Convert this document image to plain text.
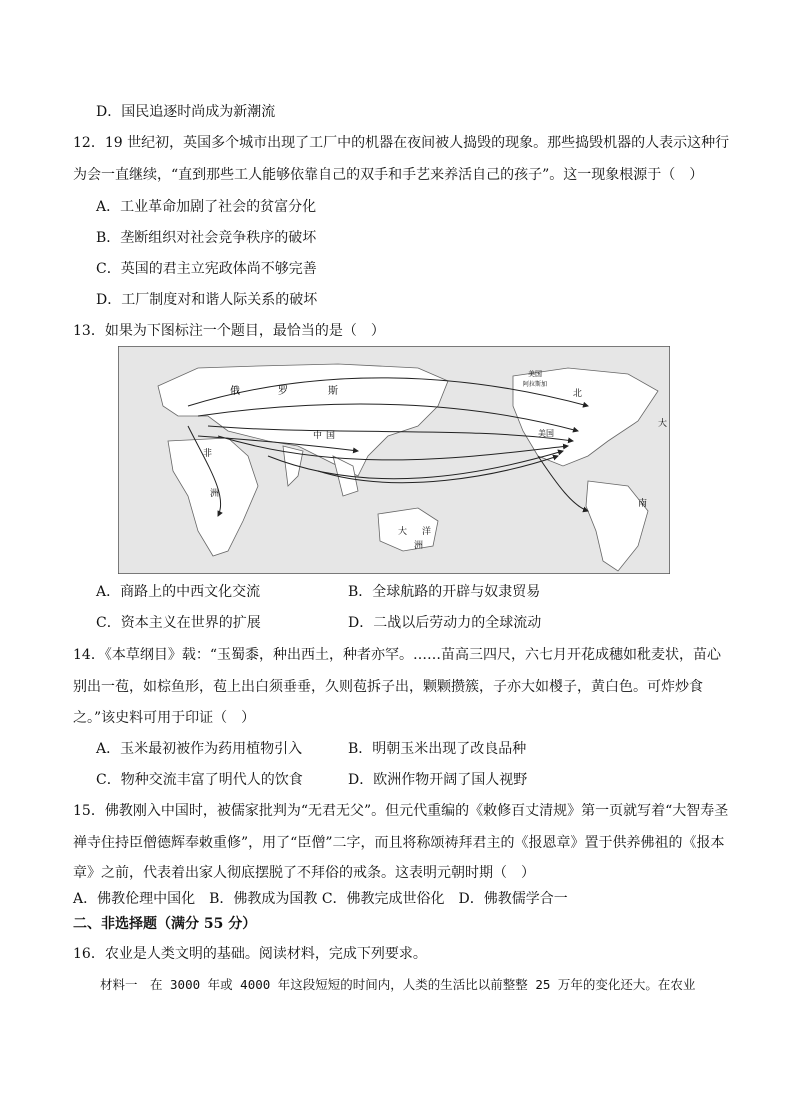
D．国民追逐时尚成为新潮流
12．19 世纪初，英国多个城市出现了工厂中的机器在夜间被人捣毁的现象。那些捣毁机器的人表示这种行
为会一直继续，“直到那些工人能够依靠自己的双手和手艺来养活自己的孩子”。这一现象根源于（　）
A．工业革命加剧了社会的贫富分化
B．垄断组织对社会竞争秩序的破坏
C．英国的君主立宪政体尚不够完善
D．工厂制度对和谐人际关系的破坏
13．如果为下图标注一个题目，最恰当的是（　）
俄	罗	斯
中 国
北
美国
美国
阿拉斯加
大
大 洋
洲
非
洲
南
A．商路上的中西文化交流	B．全球航路的开辟与奴隶贸易
C．资本主义在世界的扩展	D．二战以后劳动力的全球流动
14．《本草纲目》载：“玉蜀黍，种出西土，种者亦罕。……苗高三四尺，六七月开花成穗如秕麦状，苗心
别出一苞，如棕鱼形，苞上出白须垂垂，久则苞拆子出，颗颗攒簇，子亦大如椶子，黄白色。可炸炒食
之。”该史料可用于印证（　）
A．玉米最初被作为药用植物引入	B．明朝玉米出现了改良品种
C．物种交流丰富了明代人的饮食	D．欧洲作物开阔了国人视野
15．佛教刚入中国时，被儒家批判为“无君无父”。但元代重编的《敕修百丈清规》第一页就写着“大智寿圣
禅寺住持臣僧德辉奉敕重修”，用了“臣僧”二字，而且将称颂祷拜君主的《报恩章》置于供养佛祖的《报本
章》之前，代表着出家人彻底摆脱了不拜俗的戒条。这表明元朝时期（　）
A．佛教伦理中国化　B．佛教成为国教 C．佛教完成世俗化　D．佛教儒学合一
二、非选择题（满分 55 分）
16．农业是人类文明的基础。阅读材料，完成下列要求。
材料一　在 3000 年或 4000 年这段短短的时间内，人类的生活比以前整整 25 万年的变化还大。在农业
